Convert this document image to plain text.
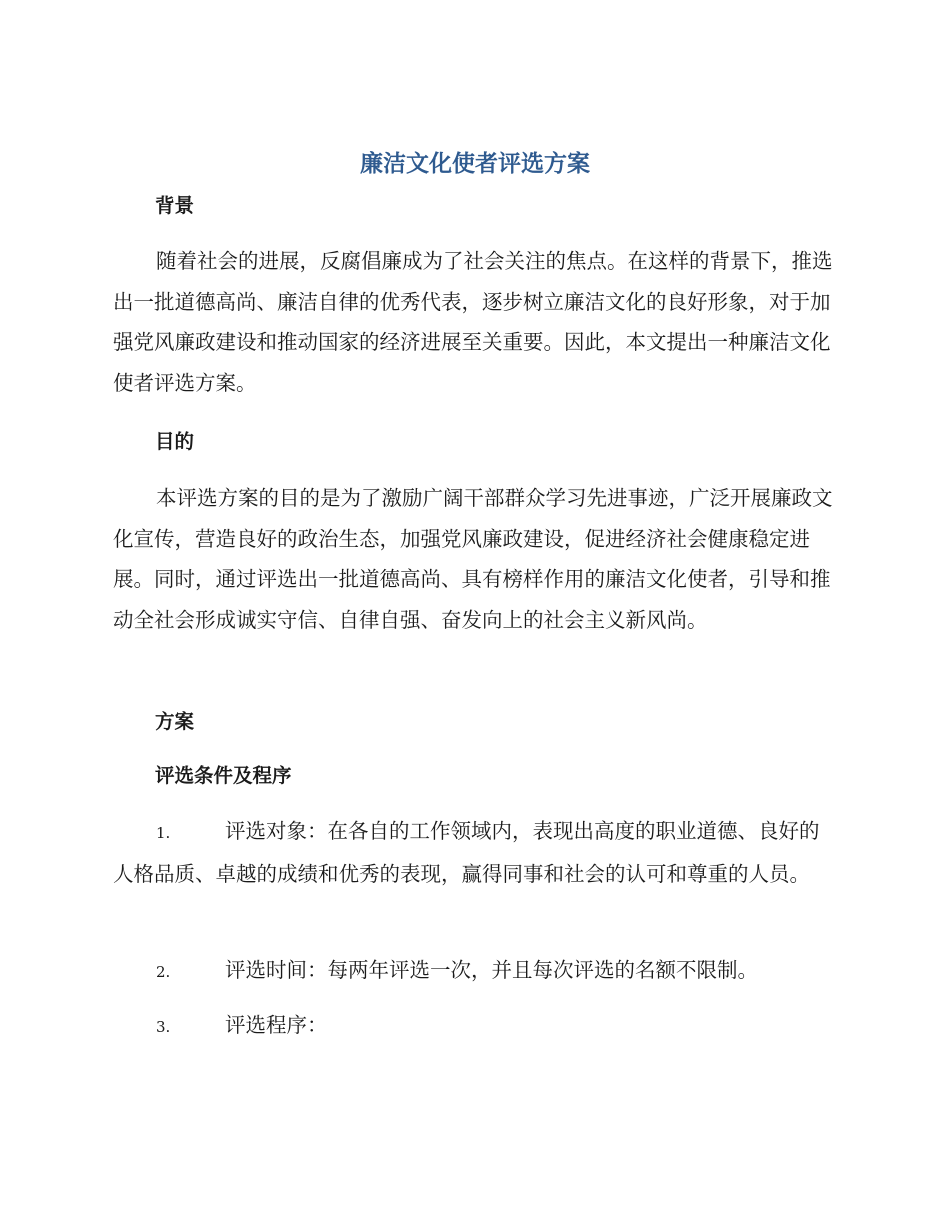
廉洁文化使者评选方案
背景

随着社会的进展，反腐倡廉成为了社会关注的焦点。在这样的背景下，推选出一批道德高尚、廉洁自律的优秀代表，逐步树立廉洁文化的良好形象，对于加强党风廉政建设和推动国家的经济进展至关重要。因此，本文提出一种廉洁文化使者评选方案。

目的

本评选方案的目的是为了激励广阔干部群众学习先进事迹，广泛开展廉政文化宣传，营造良好的政治生态，加强党风廉政建设，促进经济社会健康稳定进展。同时，通过评选出一批道德高尚、具有榜样作用的廉洁文化使者，引导和推动全社会形成诚实守信、自律自强、奋发向上的社会主义新风尚。

方案
评选条件及程序
1.	评选对象：在各自的工作领域内，表现出高度的职业道德、良好的人格品质、卓越的成绩和优秀的表现，赢得同事和社会的认可和尊重的人员。
2.	评选时间：每两年评选一次，并且每次评选的名额不限制。
3.	评选程序：
